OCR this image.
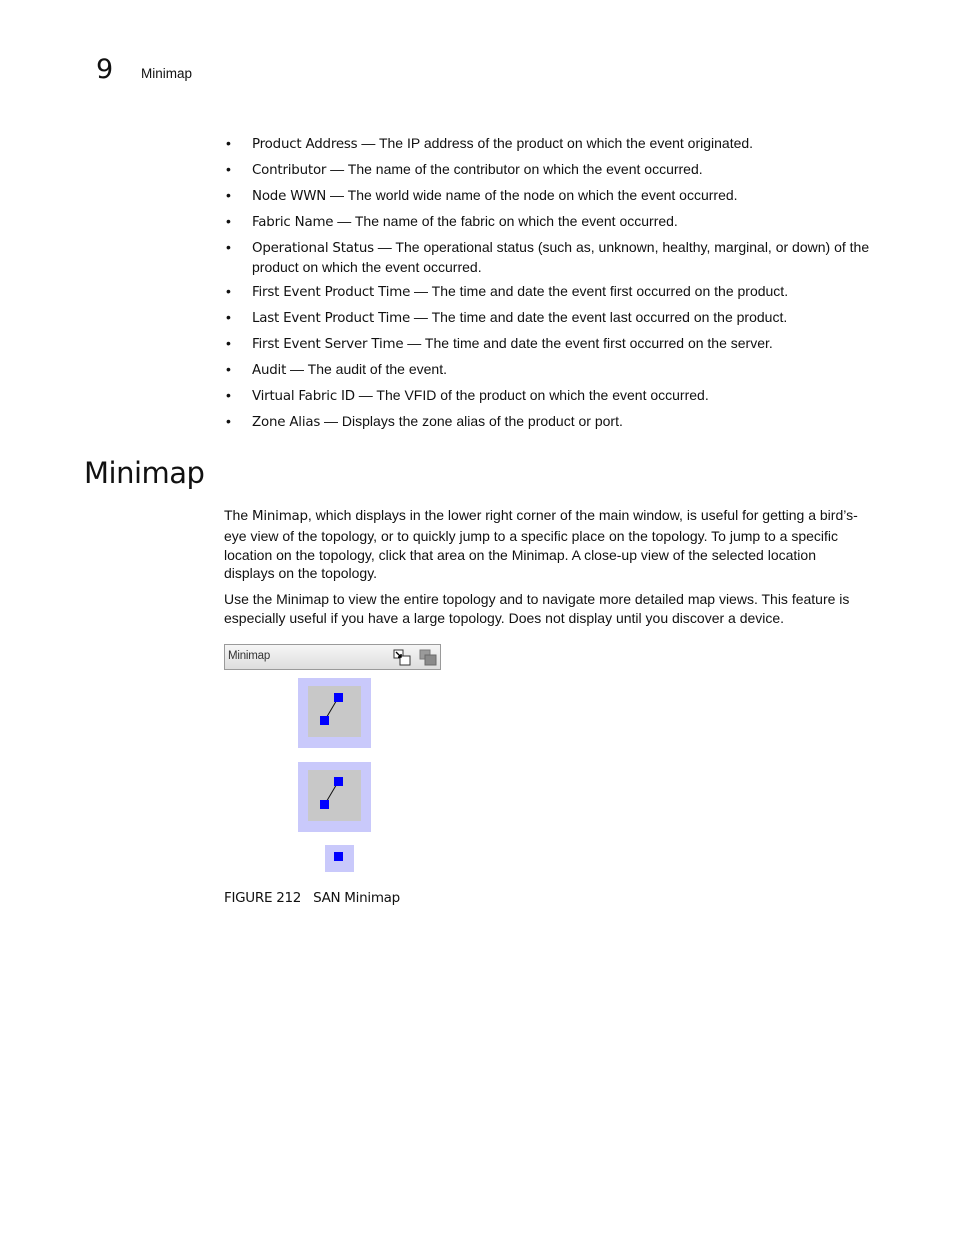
9 Minimap
• Product Address — The IP address of the product on which the event originated.
• Contributor — The name of the contributor on which the event occurred.
• Node WWN — The world wide name of the node on which the event occurred.
• Fabric Name — The name of the fabric on which the event occurred.
• Operational Status — The operational status (such as, unknown, healthy, marginal, or down) of the product on which the event occurred.
• First Event Product Time — The time and date the event first occurred on the product.
• Last Event Product Time — The time and date the event last occurred on the product.
• First Event Server Time — The time and date the event first occurred on the server.
• Audit — The audit of the event.
• Virtual Fabric ID — The VFID of the product on which the event occurred.
• Zone Alias — Displays the zone alias of the product or port.
Minimap

The Minimap, which displays in the lower right corner of the main window, is useful for getting a bird’s-eye view of the topology, or to quickly jump to a specific place on the topology. To jump to a specific location on the topology, click that area on the Minimap. A close-up view of the selected location displays on the topology.

Use the Minimap to view the entire topology and to navigate more detailed map views. This feature is especially useful if you have a large topology. Does not display until you discover a device.

Minimap
FIGURE 212 SAN Minimap
